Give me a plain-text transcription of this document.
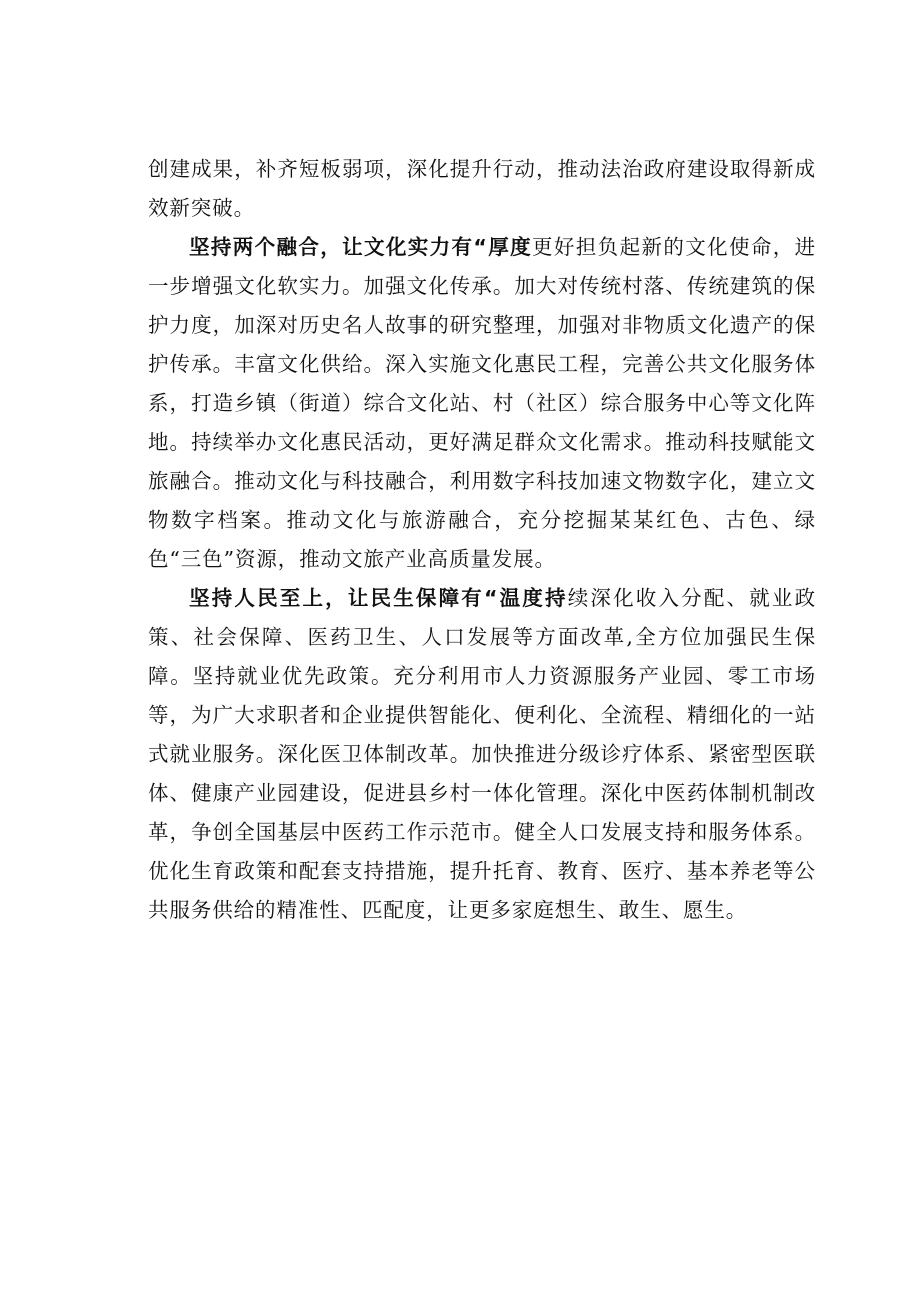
创建成果，补齐短板弱项，深化提升行动，推动法治政府建设取得新成效新突破。

坚持两个融合，让文化实力有“厚度更好担负起新的文化使命，进一步增强文化软实力。加强文化传承。加大对传统村落、传统建筑的保护力度，加深对历史名人故事的研究整理，加强对非物质文化遗产的保护传承。丰富文化供给。深入实施文化惠民工程，完善公共文化服务体系，打造乡镇（街道）综合文化站、村（社区）综合服务中心等文化阵地。持续举办文化惠民活动，更好满足群众文化需求。推动科技赋能文旅融合。推动文化与科技融合，利用数字科技加速文物数字化，建立文物数字档案。推动文化与旅游融合，充分挖掘某某红色、古色、绿色“三色”资源，推动文旅产业高质量发展。

坚持人民至上，让民生保障有“温度持续深化收入分配、就业政策、社会保障、医药卫生、人口发展等方面改革,全方位加强民生保障。坚持就业优先政策。充分利用市人力资源服务产业园、零工市场等，为广大求职者和企业提供智能化、便利化、全流程、精细化的一站式就业服务。深化医卫体制改革。加快推进分级诊疗体系、紧密型医联体、健康产业园建设，促进县乡村一体化管理。深化中医药体制机制改革，争创全国基层中医药工作示范市。健全人口发展支持和服务体系。优化生育政策和配套支持措施，提升托育、教育、医疗、基本养老等公共服务供给的精准性、匹配度，让更多家庭想生、敢生、愿生。
